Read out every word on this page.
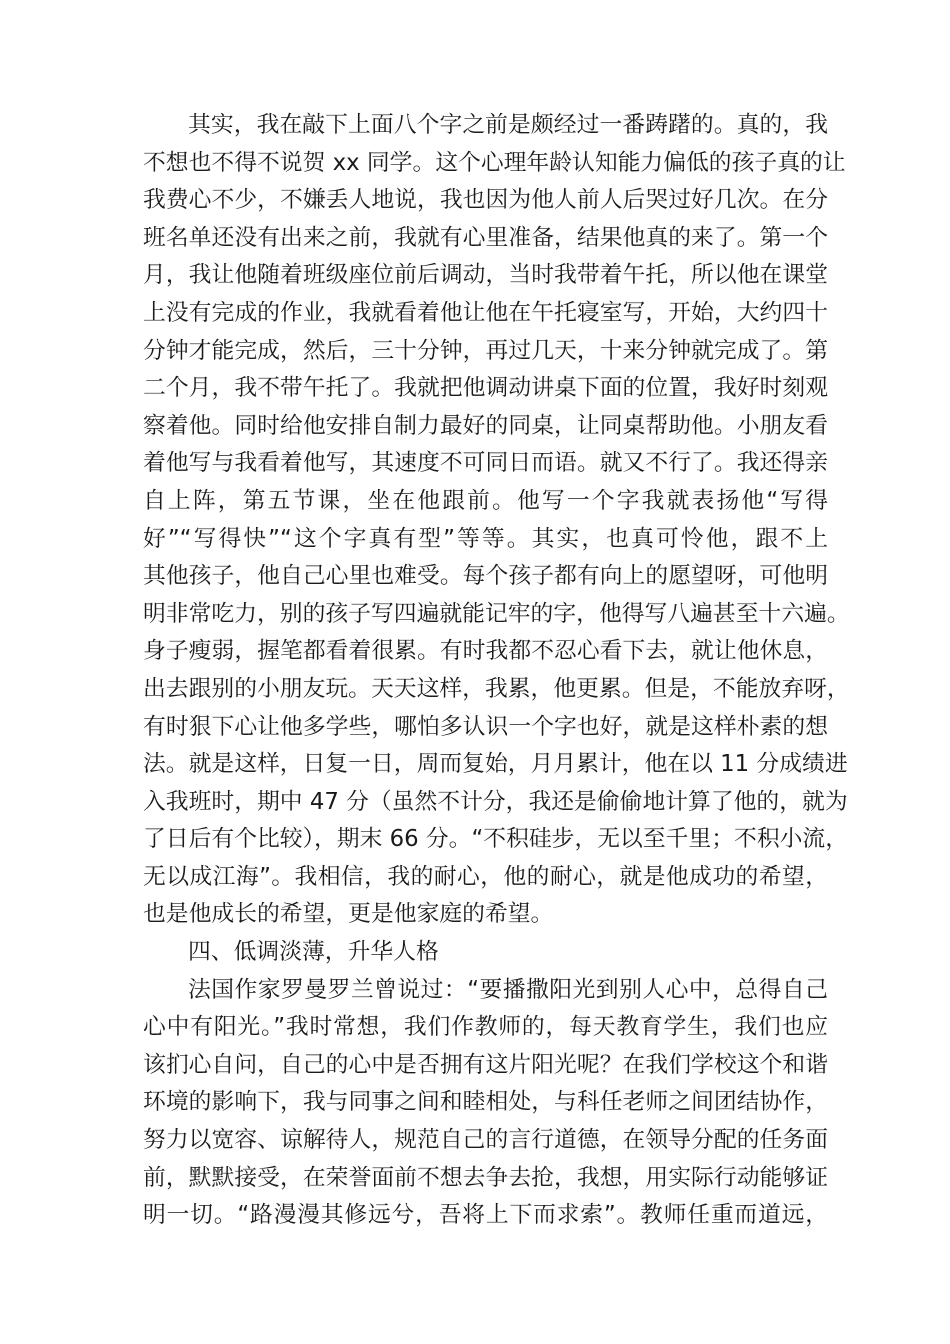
其实，我在敲下上面八个字之前是颇经过一番踌躇的。真的，我
不想也不得不说贺 xx 同学。这个心理年龄认知能力偏低的孩子真的让
我费心不少，不嫌丢人地说，我也因为他人前人后哭过好几次。在分
班名单还没有出来之前，我就有心里准备，结果他真的来了。第一个
月，我让他随着班级座位前后调动，当时我带着午托，所以他在课堂
上没有完成的作业，我就看着他让他在午托寝室写，开始，大约四十
分钟才能完成，然后，三十分钟，再过几天，十来分钟就完成了。第
二个月，我不带午托了。我就把他调动讲桌下面的位置，我好时刻观
察着他。同时给他安排自制力最好的同桌，让同桌帮助他。小朋友看
着他写与我看着他写，其速度不可同日而语。就又不行了。我还得亲
自上阵，第五节课，坐在他跟前。他写一个字我就表扬他“写得
好”“写得快”“这个字真有型”等等。其实，也真可怜他，跟不上
其他孩子，他自己心里也难受。每个孩子都有向上的愿望呀，可他明
明非常吃力，别的孩子写四遍就能记牢的字，他得写八遍甚至十六遍。
身子瘦弱，握笔都看着很累。有时我都不忍心看下去，就让他休息，
出去跟别的小朋友玩。天天这样，我累，他更累。但是，不能放弃呀，
有时狠下心让他多学些，哪怕多认识一个字也好，就是这样朴素的想
法。就是这样，日复一日，周而复始，月月累计，他在以 11 分成绩进
入我班时，期中 47 分（虽然不计分，我还是偷偷地计算了他的，就为
了日后有个比较），期末 66 分。“不积硅步，无以至千里；不积小流，
无以成江海”。我相信，我的耐心，他的耐心，就是他成功的希望，
也是他成长的希望，更是他家庭的希望。
四、低调淡薄，升华人格
法国作家罗曼罗兰曾说过：“要播撒阳光到别人心中，总得自己
心中有阳光。”我时常想，我们作教师的，每天教育学生，我们也应
该扪心自问，自己的心中是否拥有这片阳光呢？在我们学校这个和谐
环境的影响下，我与同事之间和睦相处，与科任老师之间团结协作，
努力以宽容、谅解待人，规范自己的言行道德，在领导分配的任务面
前，默默接受，在荣誉面前不想去争去抢，我想，用实际行动能够证
明一切。“路漫漫其修远兮，吾将上下而求索”。教师任重而道远，
